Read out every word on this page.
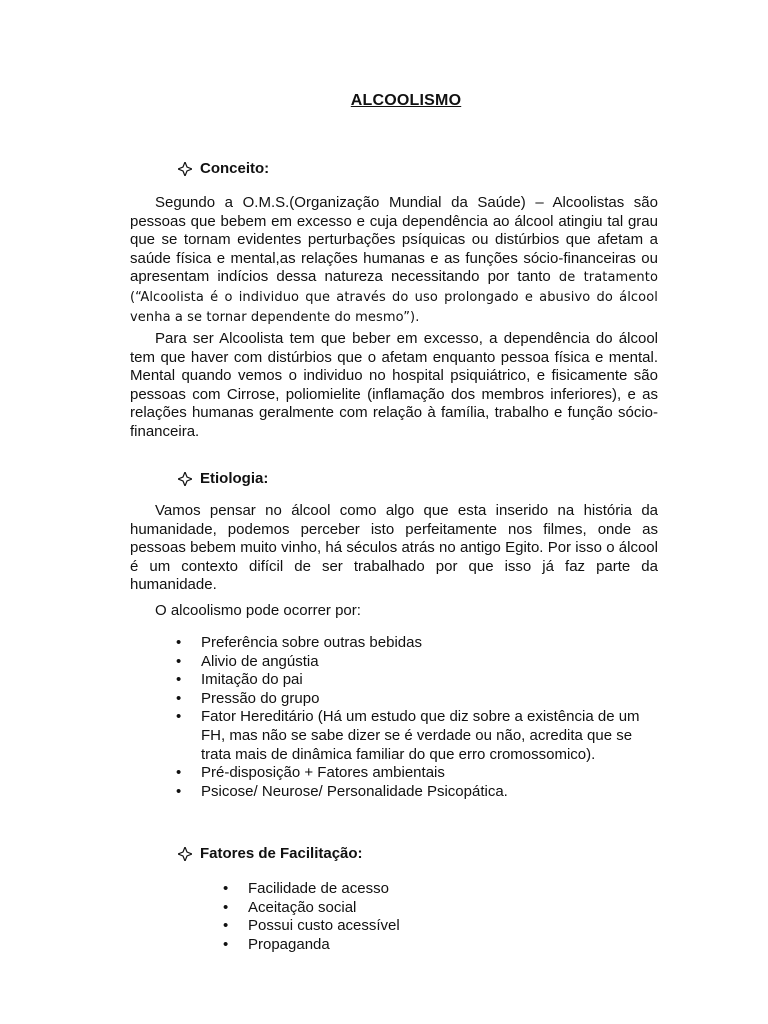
ALCOOLISMO
Conceito:

Segundo a O.M.S.(Organização Mundial da Saúde) – Alcoolistas são pessoas que bebem em excesso e cuja dependência ao álcool atingiu tal grau que se tornam evidentes perturbações psíquicas ou distúrbios que afetam a saúde física e mental,as relações humanas e as funções sócio-financeiras ou apresentam indícios dessa natureza necessitando por tanto de tratamento (“Alcoolista é o individuo que através do uso prolongado e abusivo do álcool venha a se tornar dependente do mesmo”).

Para ser Alcoolista tem que beber em excesso, a dependência do álcool tem que haver com distúrbios que o afetam enquanto pessoa física e mental. Mental quando vemos o individuo no hospital psiquiátrico, e fisicamente são pessoas com Cirrose, poliomielite (inflamação dos membros inferiores), e as relações humanas geralmente com relação à família, trabalho e função sócio-financeira.

Etiologia:

Vamos pensar no álcool como algo que esta inserido na história da humanidade, podemos perceber isto perfeitamente nos filmes, onde as pessoas bebem muito vinho, há séculos atrás no antigo Egito. Por isso o álcool é um contexto difícil de ser trabalhado por que isso já faz parte da humanidade.

O alcoolismo pode ocorrer por:

• Preferência sobre outras bebidas
• Alivio de angústia
• Imitação do pai
• Pressão do grupo
• Fator Hereditário (Há um estudo que diz sobre a existência de um FH, mas não se sabe dizer se é verdade ou não, acredita que se trata mais de dinâmica familiar do que erro cromossomico).
• Pré-disposição + Fatores ambientais
• Psicose/ Neurose/ Personalidade Psicopática.
Fatores de Facilitação:
• Facilidade de acesso
• Aceitação social
• Possui custo acessível
• Propaganda
